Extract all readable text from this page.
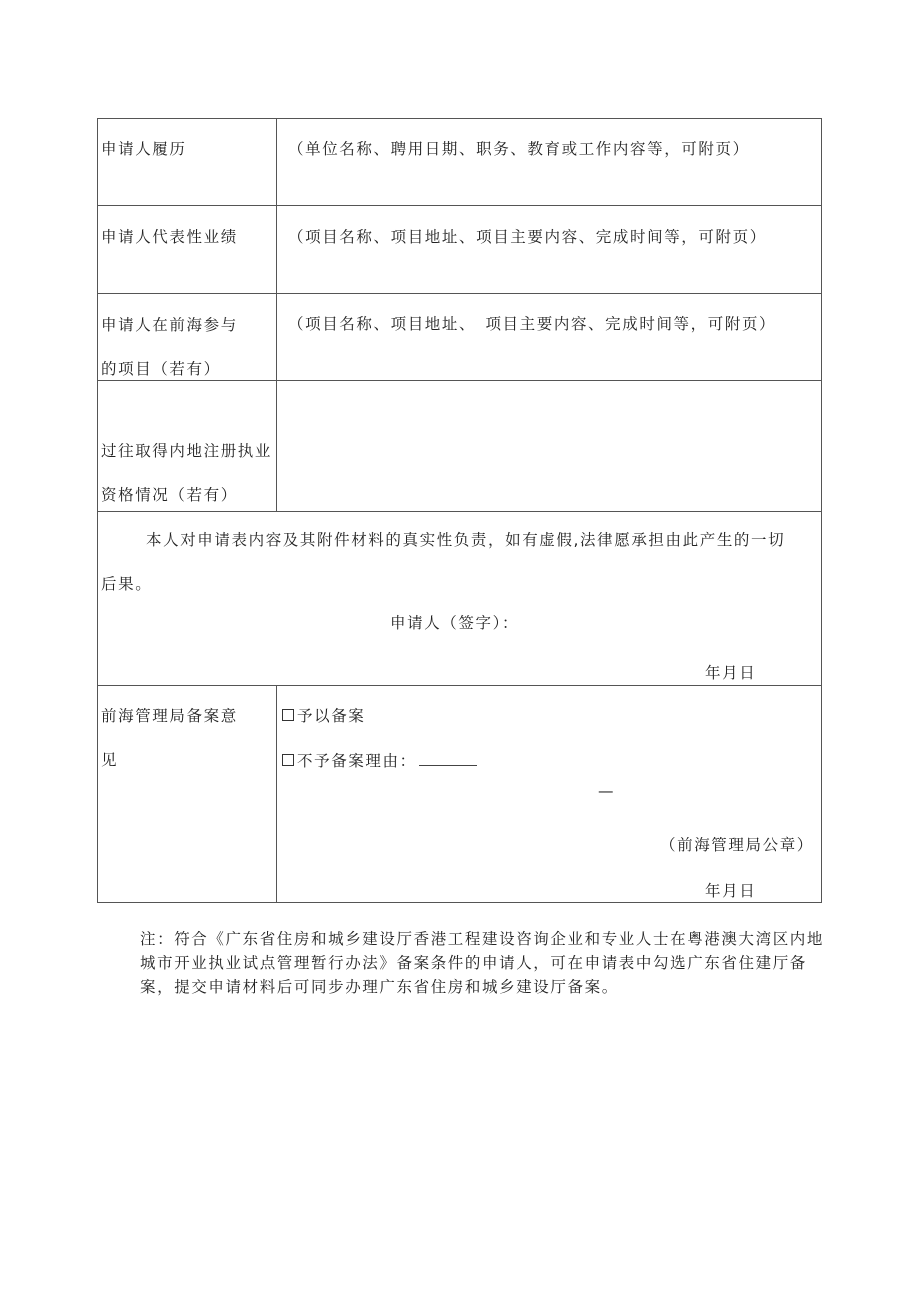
申请人履历	（单位名称、聘用日期、职务、教育或工作内容等，可附页）
申请人代表性业绩	（项目名称、项目地址、项目主要内容、完成时间等，可附页）
申请人在前海参与
的项目（若有）
（项目名称、项目地址、　项目主要内容、完成时间等，可附页）
过往取得内地注册执业
资格情况（若有）
本人对申请表内容及其附件材料的真实性负责，如有虚假,法律愿承担由此产生的一切
后果。
申请人（签字）：
年月日
前海管理局备案意
见
予以备案
不予备案理由：
—
（前海管理局公章）
年月日
注：符合《广东省住房和城乡建设厅香港工程建设咨询企业和专业人士在粤港澳大湾区内地
城市开业执业试点管理暂行办法》备案条件的申请人，可在申请表中勾选广东省住建厅备
案，提交申请材料后可同步办理广东省住房和城乡建设厅备案。
